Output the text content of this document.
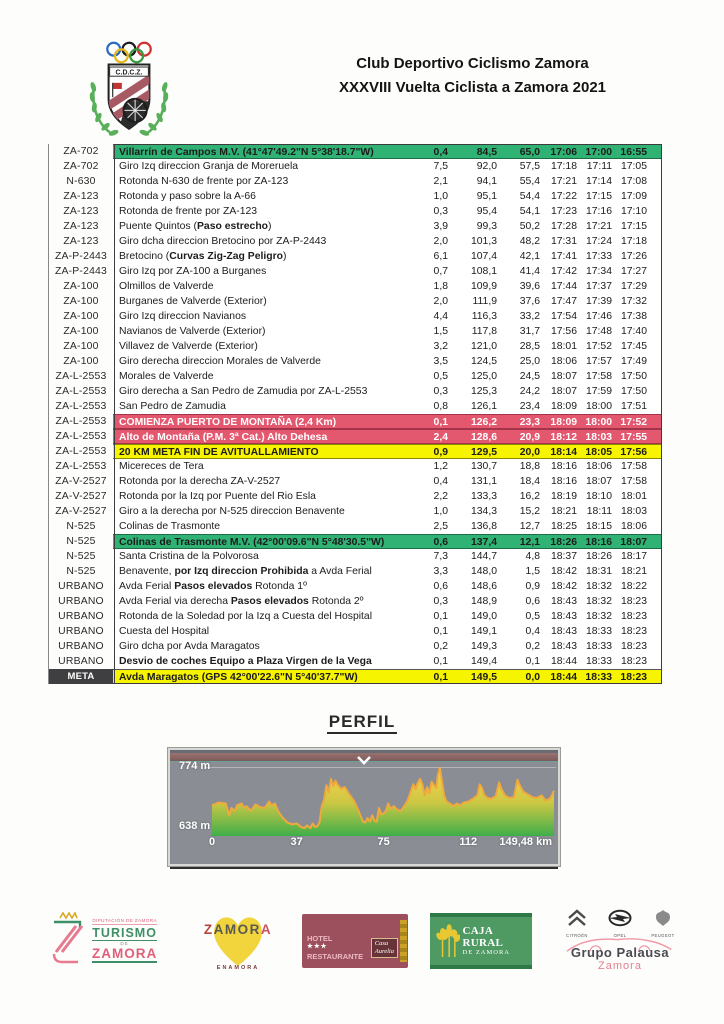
C.D.C.Z.
Club Deportivo Ciclismo Zamora
XXXVIII Vuelta Ciclista a Zamora 2021
ZA-702	Villarrín de Campos M.V. (41°47'49.2"N 5°38'18.7"W)	0,4	84,5	65,0	17:06 17:00 16:55
ZA-702	Giro Izq direccion Granja de Moreruela	7,5	92,0	57,5	17:18 17:11 17:05
N-630	Rotonda N-630 de frente por ZA-123	2,1	94,1	55,4	17:21 17:14 17:08
ZA-123	Rotonda y paso sobre la A-66	1,0	95,1	54,4	17:22 17:15 17:09
ZA-123	Rotonda de frente por ZA-123	0,3	95,4	54,1	17:23 17:16 17:10
ZA-123	Puente Quintos (Paso estrecho)	3,9	99,3	50,2	17:28 17:21 17:15
ZA-123	Giro dcha direccion Bretocino por ZA-P-2443	2,0	101,3	48,2	17:31 17:24 17:18
ZA-P-2443	Bretocino (Curvas Zig-Zag Peligro)	6,1	107,4	42,1	17:41 17:33 17:26
ZA-P-2443	Giro Izq por ZA-100 a Burganes	0,7	108,1	41,4	17:42 17:34 17:27
ZA-100	Olmillos de Valverde	1,8	109,9	39,6	17:44 17:37 17:29
ZA-100	Burganes de Valverde (Exterior)	2,0	111,9	37,6	17:47 17:39 17:32
ZA-100	Giro Izq direccion Navianos	4,4	116,3	33,2	17:54 17:46 17:38
ZA-100	Navianos de Valverde (Exterior)	1,5	117,8	31,7	17:56 17:48 17:40
ZA-100	Villavez de Valverde (Exterior)	3,2	121,0	28,5	18:01 17:52 17:45
ZA-100	Giro derecha direccion Morales de Valverde	3,5	124,5	25,0	18:06 17:57 17:49
ZA-L-2553	Morales de Valverde	0,5	125,0	24,5	18:07 17:58 17:50
ZA-L-2553	Giro derecha a San Pedro de Zamudia por ZA-L-2553	0,3	125,3	24,2	18:07 17:59 17:50
ZA-L-2553	San Pedro de Zamudia	0,8	126,1	23,4	18:09 18:00 17:51
ZA-L-2553	COMIENZA PUERTO DE MONTAÑA (2,4 Km)	0,1	126,2	23,3	18:09 18:00 17:52
ZA-L-2553	Alto de Montaña (P.M. 3ª Cat.) Alto Dehesa	2,4	128,6	20,9	18:12 18:03 17:55
ZA-L-2553	20 KM META FIN DE AVITUALLAMIENTO	0,9	129,5	20,0	18:14 18:05 17:56
ZA-L-2553	Micereces de Tera	1,2	130,7	18,8	18:16 18:06 17:58
ZA-V-2527	Rotonda por la derecha ZA-V-2527	0,4	131,1	18,4	18:16 18:07 17:58
ZA-V-2527	Rotonda por la Izq por Puente del Rio Esla	2,2	133,3	16,2	18:19 18:10 18:01
ZA-V-2527	Giro a la derecha por N-525 direccion Benavente	1,0	134,3	15,2	18:21 18:11 18:03
N-525	Colinas de Trasmonte	2,5	136,8	12,7	18:25 18:15 18:06
N-525	Colinas de Trasmonte M.V. (42°00'09.6"N 5°48'30.5"W)	0,6	137,4	12,1	18:26 18:16 18:07
N-525	Santa Cristina de la Polvorosa	7,3	144,7	4,8	18:37 18:26 18:17
N-525	Benavente, por Izq direccion Prohibida a Avda Ferial	3,3	148,0	1,5	18:42 18:31 18:21
URBANO	Avda Ferial Pasos elevados Rotonda 1º	0,6	148,6	0,9	18:42 18:32 18:22
URBANO	Avda Ferial via derecha Pasos elevados Rotonda 2º	0,3	148,9	0,6	18:43 18:32 18:23
URBANO	Rotonda de la Soledad por la Izq a Cuesta del Hospital	0,1	149,0	0,5	18:43 18:32 18:23
URBANO	Cuesta del Hospital	0,1	149,1	0,4	18:43 18:33 18:23
URBANO	Giro dcha por Avda Maragatos	0,2	149,3	0,2	18:43 18:33 18:23
URBANO	Desvio de coches Equipo a Plaza Virgen de la Vega	0,1	149,4	0,1	18:44 18:33 18:23
META	Avda Maragatos (GPS 42°00'22.6"N 5°40'37.7"W)	0,1	149,5	0,0	18:44 18:33 18:23
PERFIL
774 m
638 m
0	37	75	112 149,48 km
DIPUTACIÓN DE ZAMORA
TURISMO
DE
ZAMORA
ZAMORA
ENAMORA
HOTEL
★★★
RESTAURANTE
Casa
Aurelia
CAJA RURAL
DE ZAMORA
CITROËN	OPEL	PEUGEOT
Grupo Palausa
Zamora
